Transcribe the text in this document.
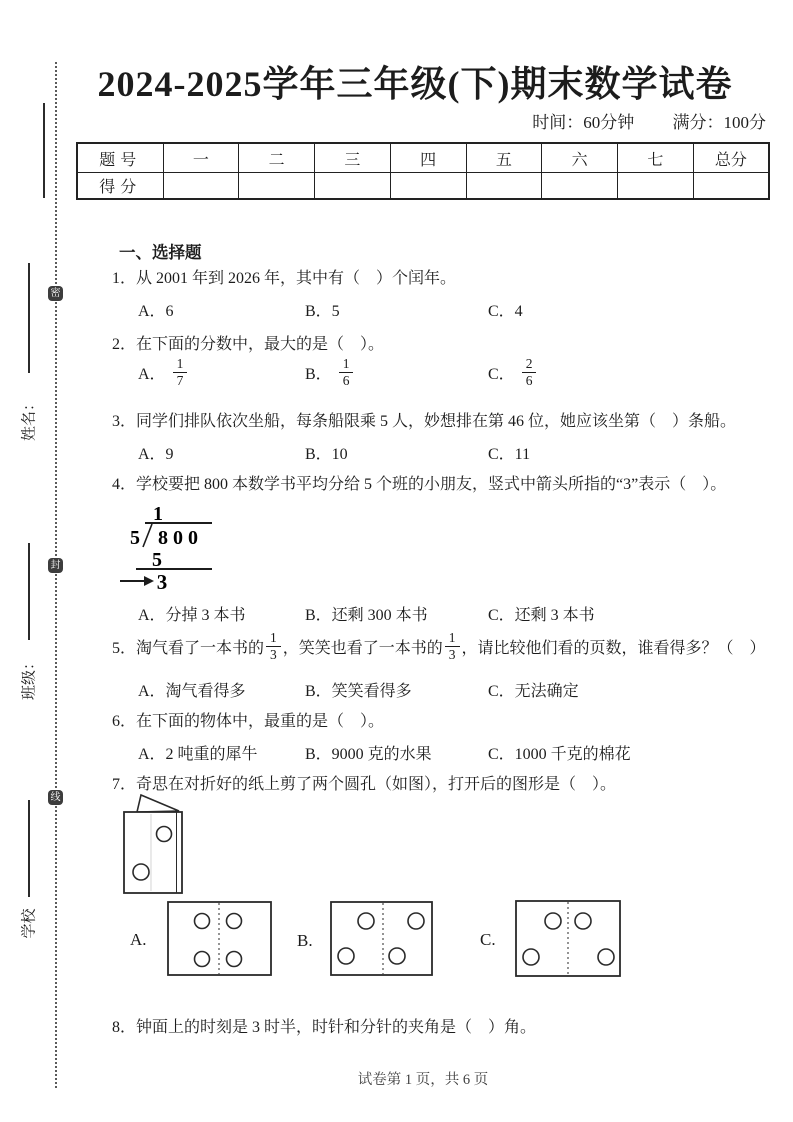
姓名：
班级：
学校
密
封
线
2024-2025学年三年级(下)期末数学试卷
时间：60分钟 满分：100分
题号	一	二	三	四	五	六	七	总分
得分								
一、选择题
1．从 2001 年到 2026 年，其中有（　）个闰年。
A．6	B．5	C．4
2．在下面的分数中，最大的是（　）。
A． $\frac{1}{7}$	B． $\frac{1}{6}$	C． $\frac{2}{6}$
3．同学们排队依次坐船，每条船限乘 5 人，妙想排在第 46 位，她应该坐第（　）条船。
A．9	B．10	C．11
4．学校要把 800 本数学书平均分给 5 个班的小朋友，竖式中箭头所指的“3”表示（　）。
1
5 8 0 0
5
3
A．分掉 3 本书	B．还剩 300 本书	C．还剩 3 本书
5．淘气看了一本书的 $\frac{1}{3}$ ，笑笑也看了一本书的 $\frac{1}{3}$ ，请比较他们看的页数，谁看得多？（　）
A．淘气看得多	B．笑笑看得多	C．无法确定
6．在下面的物体中，最重的是（　）。
A．2 吨重的犀牛	B．9000 克的水果	C．1000 千克的棉花
7．奇思在对折好的纸上剪了两个圆孔（如图），打开后的图形是（　）。
A.	B.	C.
8．钟面上的时刻是 3 时半，时针和分针的夹角是（　）角。
试卷第 1 页，共 6 页
